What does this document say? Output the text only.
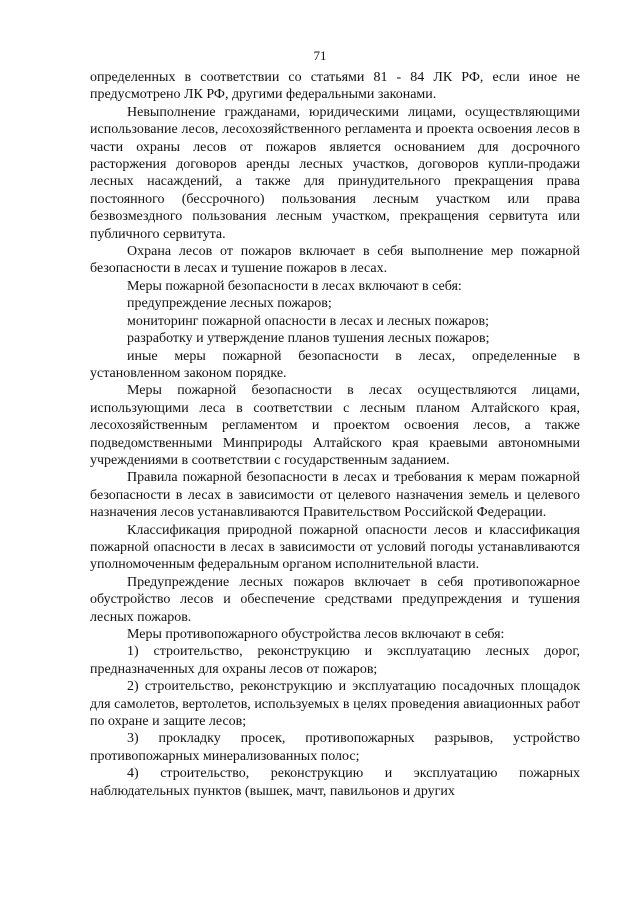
71

определенных в соответствии со статьями 81 - 84 ЛК РФ, если иное не предусмотрено ЛК РФ, другими федеральными законами.

Невыполнение гражданами, юридическими лицами, осуществляющими использование лесов, лесохозяйственного регламента и проекта освоения лесов в части охраны лесов от пожаров является основанием для досрочного расторжения договоров аренды лесных участков, договоров купли-продажи лесных насаждений, а также для принудительного прекращения права постоянного (бессрочного) пользования лесным участком или права безвозмездного пользования лесным участком, прекращения сервитута или публичного сервитута.

Охрана лесов от пожаров включает в себя выполнение мер пожарной безопасности в лесах и тушение пожаров в лесах.

Меры пожарной безопасности в лесах включают в себя:

предупреждение лесных пожаров;

мониторинг пожарной опасности в лесах и лесных пожаров;

разработку и утверждение планов тушения лесных пожаров;

иные меры пожарной безопасности в лесах, определенные в установленном законом порядке.

Меры пожарной безопасности в лесах осуществляются лицами, использующими леса в соответствии с лесным планом Алтайского края, лесохозяйственным регламентом и проектом освоения лесов, а также подведомственными Минприроды Алтайского края краевыми автономными учреждениями в соответствии с государственным заданием.

Правила пожарной безопасности в лесах и требования к мерам пожарной безопасности в лесах в зависимости от целевого назначения земель и целевого назначения лесов устанавливаются Правительством Российской Федерации.

Классификация природной пожарной опасности лесов и классификация пожарной опасности в лесах в зависимости от условий погоды устанавливаются уполномоченным федеральным органом исполнительной власти.

Предупреждение лесных пожаров включает в себя противопожарное обустройство лесов и обеспечение средствами предупреждения и тушения лесных пожаров.

Меры противопожарного обустройства лесов включают в себя:

1) строительство, реконструкцию и эксплуатацию лесных дорог, предназначенных для охраны лесов от пожаров;

2) строительство, реконструкцию и эксплуатацию посадочных площадок для самолетов, вертолетов, используемых в целях проведения авиационных работ по охране и защите лесов;

3) прокладку просек, противопожарных разрывов, устройство противопожарных минерализованных полос;

4) строительство, реконструкцию и эксплуатацию пожарных наблюдательных пунктов (вышек, мачт, павильонов и других
